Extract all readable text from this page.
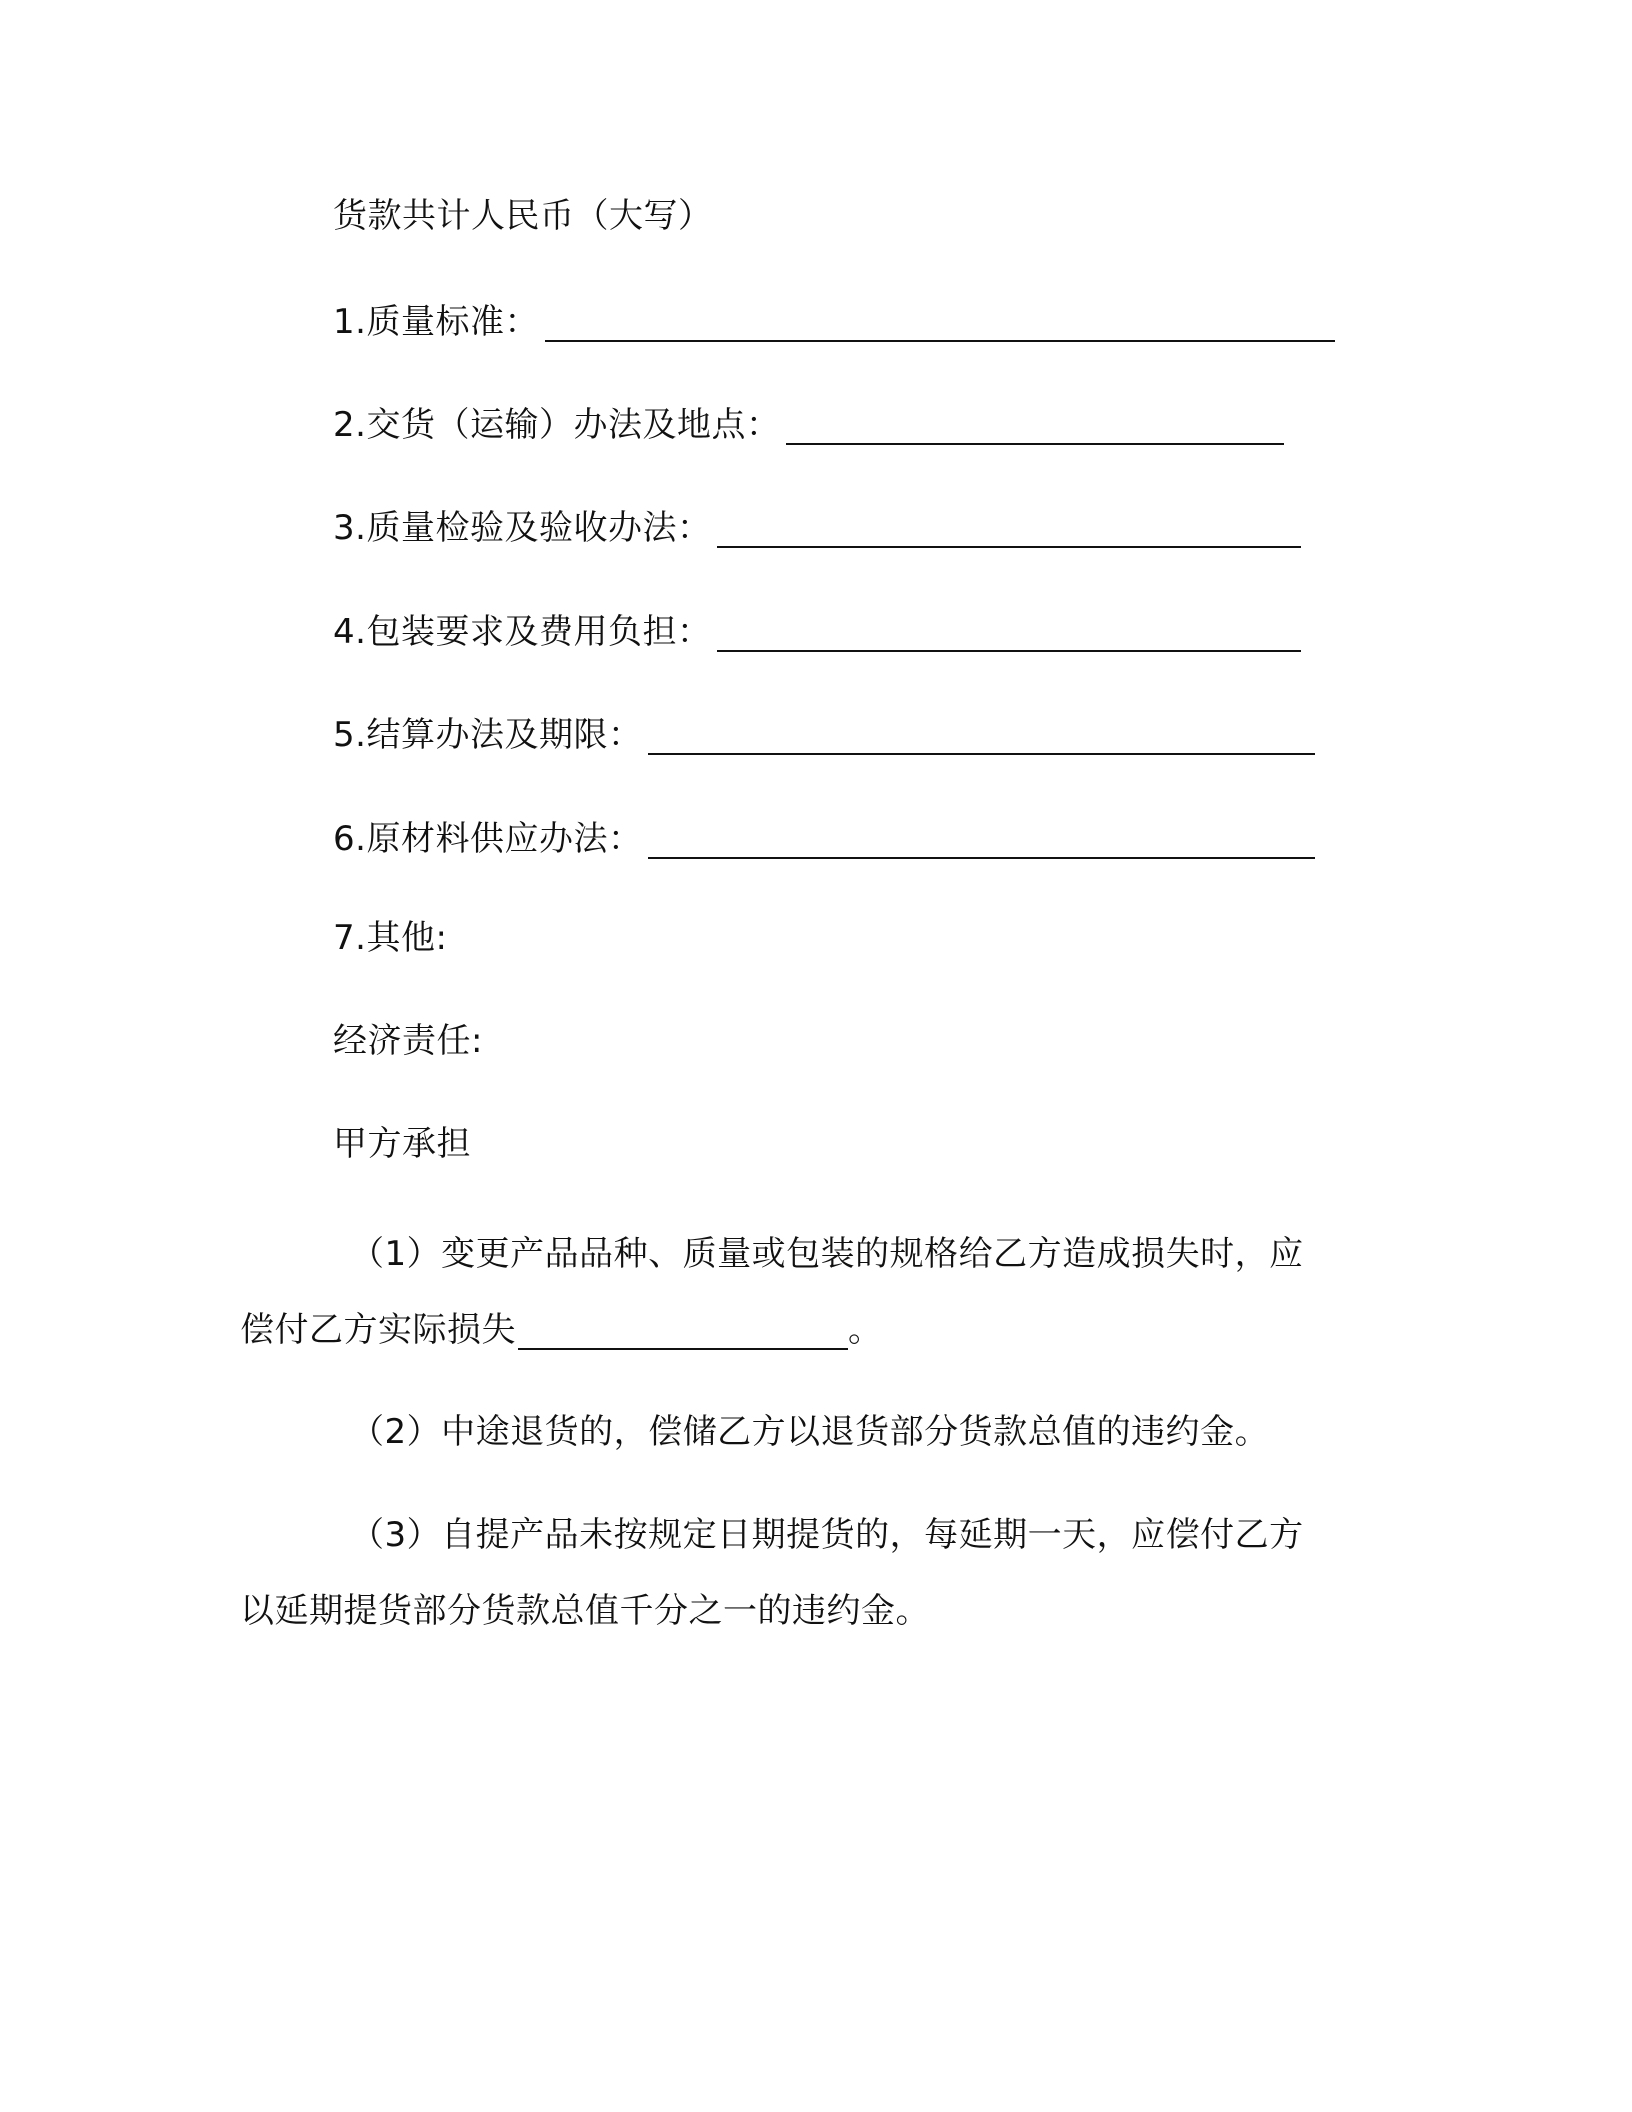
货款共计人民币（大写）
1.质量标准：
2.交货（运输）办法及地点：
3.质量检验及验收办法：
4.包装要求及费用负担：
5.结算办法及期限：
6.原材料供应办法：
7.其他:
经济责任:
甲方承担
（1）变更产品品种、质量或包装的规格给乙方造成损失时，应
偿付乙方实际损失	。
（2）中途退货的，偿储乙方以退货部分货款总值的违约金。
（3）自提产品未按规定日期提货的，每延期一天，应偿付乙方
以延期提货部分货款总值千分之一的违约金。
